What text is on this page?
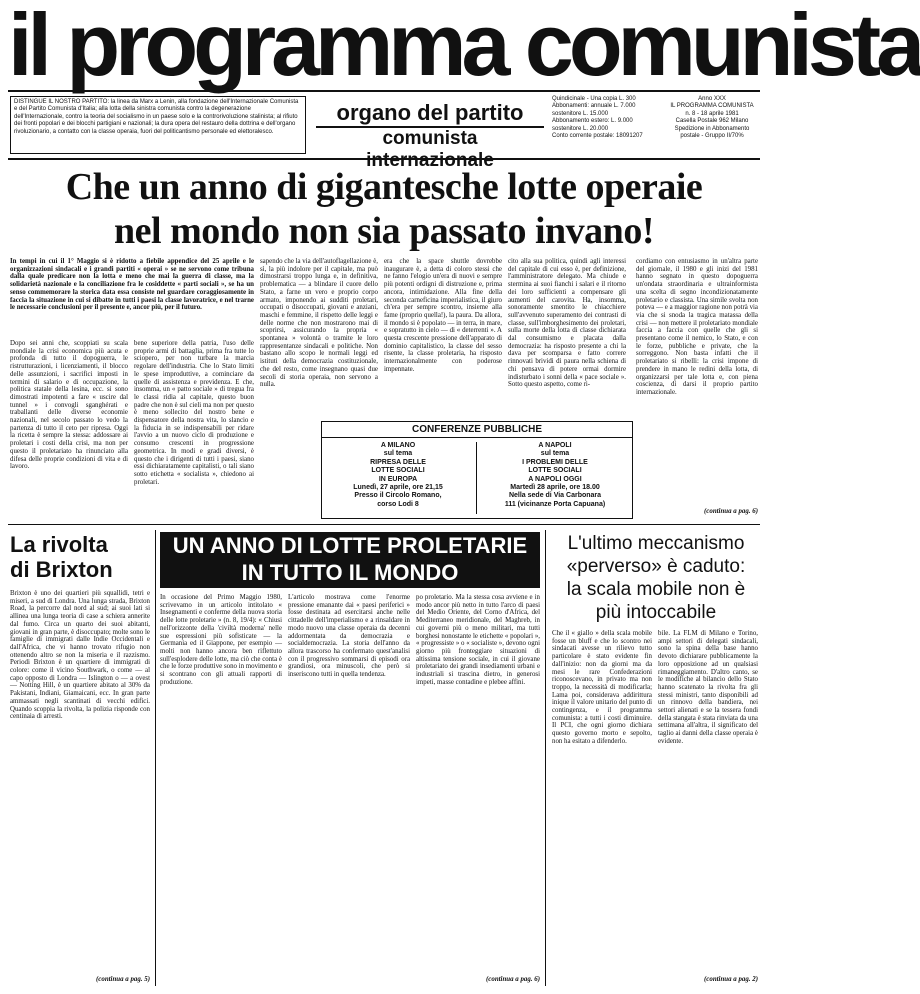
il programma comunista
DISTINGUE IL NOSTRO PARTITO: la linea da Marx a Lenin, alla fondazione dell'Internazionale Comunista e del Partito Comunista d'Italia; alla lotta della sinistra comunista contro la degenerazione dell'Internazionale, contro la teoria del socialismo in un paese solo e la controrivoluzione stalinista; al rifiuto dei fronti popolari e dei blocchi partigiani e nazionali; la dura opera del restauro della dottrina e dell'organo rivoluzionario, a contatto con la classe operaia, fuori del politicantismo personale ed elettoralesco.
organo del partito
comunista internazionale
Quindicinale - Una copia L. 300
Abbonamenti: annuale L. 7.000
sostenitore L. 15.000
Abbonamento estero: L. 9.000
sostenitore L. 20.000
Conto corrente postale: 18091207
Anno XXX
IL PROGRAMMA COMUNISTA
n. 8 - 18 aprile 1981
Casella Postale 962 Milano
Spedizione in Abbonamento
postale - Gruppo II/70%
Che un anno di gigantesche lotte operaie
nel mondo non sia passato invano!
In tempi in cui il 1° Maggio si è ridotto a fiebile appendice del 25 aprile e le organizzazioni sindacali e i grandi partiti « operai » se ne servono come tribuna dalla quale predicare non la lotta e meno che mai la guerra di classe, ma la solidarietà nazionale e la conciliazione fra le cosiddette « parti sociali », se ha un senso commemorare la storica data essa consiste nel guardare coraggiosamente in faccia la situazione in cui si dibatte in tutti i paesi la classe lavoratrice, e nel trarne le necessarie conclusioni per il presente e, ancor più, per il futuro.
Dopo sei anni che, scoppiati su scala mondiale la crisi economica più acuta e profonda di tutto il dopoguerra, le ristrutturazioni, i licenziamenti, il blocco delle assunzioni, i sacrifici imposti in termini di salario e di occupazione, la politica statale della lesina, ecc. si sono dimostrati impotenti a fare « uscire dal tunnel » i convogli sganghérati e traballanti delle diverse economie nazionali, nel secolo passato lo vedo la partenza di tutto il ceto per ripresa. Oggi la ricetta è sempre la stessa: addossare ai proletari i costi della crisi, ma non per questo il proletariato ha rinunciato alla difesa delle proprie condizioni di vita e di lavoro.
bene superiore della patria, l'uso delle proprie armi di battaglia, prima fra tutte lo sciopero, per non turbare la marcia regolare dell'industria. Che lo Stato limiti le spese improduttive, a cominciare da quelle di assistenza e previdenza. E che, insomma, un « patto sociale » di tregua fra le classi ridia al capitale, questo buon padre che non è sul cieli ma non per questo è meno sollecito del nostro bene e dispensatore della nostra vita, lo slancio e la fiducia in se indispensabili per ridare l'avvio a un nuovo ciclo di produzione e consumo crescenti in progressione geometrica. In modi e gradi diversi, è questo che i dirigenti di tutti i paesi, siano essi dichiaratamente capitalisti, o tali siano sotto etichetta « socialista », chiedono ai proletari.
sapendo che la via dell'autoflagellazione è, sì, la più indolore per il capitale, ma può dimostrarsi troppo lunga e, in definitiva, problematica — a blindare il cuore dello Stato, a farne un vero e proprio corpo armato, imponendo ai sudditi proletari, occupati o disoccupati, giovani e anziani, maschi e femmine, il rispetto delle leggi e delle norme che non mostrarono mai di scoprirsi, assicurando la propria « spontanea » volontà o tramite le loro rappresentanze sindacali e politiche. Non bastano allo scopo le normali leggi ed istituti della democrazia costituzionale, che del resto, come insegnano quasi due secoli di storia operaia, non servono a nulla.
era che la space shuttle dovrebbe inaugurare è, a detta di coloro stessi che ne fanno l'elogio un'era di nuovi e sempre più potenti ordigni di distruzione e, prima ancora, intimidazione. Alla fine della seconda carneficina imperialistica, il giuro ch'era per sempre scontro, insieme alla fame (proprio quella!), la paura. Da allora, il mondo si è popolato — in terra, in mare, e sopratutto in cielo — di « deterrenti ». A questa crescente pressione dell'apparato di dominio capitalistico, la classe del sesso risente, la classe proletaria, ha risposto internazionalmente con poderose impennate.
cito alla sua politica, quindi agli interessi del capitale di cui esso è, per definizione, l'amministratore delegato. Ma chiude e stermina ai suoi fianchi i salari e il ritorno dei loro sufficienti a compensare gli aumenti del carovita. Ha, insomma, sonoramente smentito le chiacchiere sull'avvenuto superamento dei contrasti di classe, sull'imborghesimento dei proletari, sulla morte della lotta di classe dichiarata dal consumismo e placata dalla democrazia: ha risposto presente a chi la dava per scomparsa e fatto correre rinnovati brividi di paura nella schiena di chi pensava di potere ormai dormire indisturbato i sonni della « pace sociale ». Sotto questo aspetto, come ri-
cordiamo con entusiasmo in un'altra parte del giornale, il 1980 e gli inizi del 1981 hanno segnato in questo dopoguerra un'ondata straordinaria e ultrainformista una scelta di segno incondizionatamente proletario e classista. Una simile svolta non poteva — e a maggior ragione non potrà via via che si snoda la tragica matassa della crisi — non mettere il proletariato mondiale faccia a faccia con quelle che gli si presentano come il nemico, lo Stato, e con le forze, pubbliche e private, che la sorreggono. Non basta infatti che il proletariato si ribelli: la crisi impone di prendere in mano le redini della lotta, di organizzarsi per tale lotta e, con piena coscienza, di darsi il proprio partito internazionale.
(continua a pag. 6)
CONFERENZE PUBBLICHE
A MILANO
sul tema
RIPRESA DELLE
LOTTE SOCIALI
IN EUROPA
Lunedì, 27 aprile, ore 21,15
Presso il Circolo Romano,
corso Lodi 8
A NAPOLI
sul tema
I PROBLEMI DELLE
LOTTE SOCIALI
A NAPOLI OGGI
Martedì 28 aprile, ore 18.00
Nella sede di Via Carbonara
111 (vicinanze Porta Capuana)
La rivolta
di Brixton
Brixton è uno dei quartieri più squallidi, tetri e miseri, a sud di Londra. Una lunga strada, Brixton Road, la percorre dal nord al sud; ai suoi lati si allinea una lunga teoria di case a schiera annerite dal fumo. Circa un quarto dei suoi abitanti, giovani in gran parte, è disoccupato; molte sono le famiglie di immigrati dalle Indie Occidentali e dall'Africa, che vi hanno trovato rifugio non ottenendo altro se non la miseria e il razzismo. Periodi Brixton è un quartiere di immigrati di colore: come il vicino Southwark, o come — al capo opposto di Londra — Islington o — a ovest — Notting Hill, è un quartiere abitato al 30% da Pakistani, Indiani, Giamaicani, ecc. In gran parte ammassati negli scantinati di vecchi edifici. Quando scoppia la rivolta, la polizia risponde con centinaia di arresti.
(continua a pag. 5)
UN ANNO DI LOTTE PROLETARIE
IN TUTTO IL MONDO
In occasione del Primo Maggio 1980, scrivevamo in un articolo intitolato « Insegnamenti e conferme della nuova storia delle lotte proletarie » (n. 8, 19/4): « Chiusi nell'orizzonte della 'civiltà moderna' nelle sue espressioni più sofisticate — la Germania ed il Giappone, per esempio — molti non hanno ancora ben riflettuto sull'esplodere delle lotte, ma ciò che conta è che le forze produttive sono in movimento e si scontrano con gli attuali rapporti di produzione.
L'articolo mostrava come l'enorme pressione emanante dai « paesi periferici » fosse destinata ad esercitarsi anche nelle cittadelle dell'imperialismo e a rinsaldare in modo nuovo una classe operaia da decenni addormentata da democrazia e socialdemocrazia. La storia dell'anno da allora trascorso ha confermato quest'analisi con il progressivo sommarsi di episodi ora grandiosi, ora minuscoli, che però si inseriscono tutti in quella tendenza.
po proletario. Ma la stessa cosa avviene e in modo ancor più netto in tutto l'arco di paesi del Medio Oriente, del Corno d'Africa, del Mediterraneo meridionale, del Maghreb, in cui governi più o meno militari, ma tutti borghesi nonostante le etichette « popolari », « progressiste » o « socialiste », devono ogni giorno più fronteggiare situazioni di altissima tensione sociale, in cui il giovane proletariato dei grandi insediamenti urbani e industriali si trascina dietro, in generosi impeti, masse contadine e plebee affini.
(continua a pag. 6)
L'ultimo meccanismo
«perverso» è caduto:
la scala mobile non è
più intoccabile
Che il « giallo » della scala mobile fosse un bluff e che lo scontro nei sindacati avesse un rilievo tutto particolare è stato evidente fin dall'inizio: non da giorni ma da mesi le rare Confederazioni riconoscevano, in privato ma non troppo, la necessità di modificarla; Lama poi, considerava addirittura inique il valore unitario del punto di contingenza, e il programma comunista: a tutti i costi diminuire. Il PCI, che ogni giorno dichiara questo governo morto e sepolto, non ha esitato a difenderlo.
bile. La FLM di Milano e Torino, ampi settori di delegati sindacali, sono la spina della base hanno devoto dichiarare pubblicamente la loro opposizione ad un qualsiasi rimaneggiamento. D'altro canto, se le modifiche al bilancio dello Stato hanno scatenato la rivolta fra gli stessi ministri, tanto disponibili ad un rinnovo della bandiera, nei settori alienati e se la tessera fondi della stangata è stata rinviata da una settimana all'altra, il significato del taglio ai danni della classe operaia è evidente.
(continua a pag. 2)
